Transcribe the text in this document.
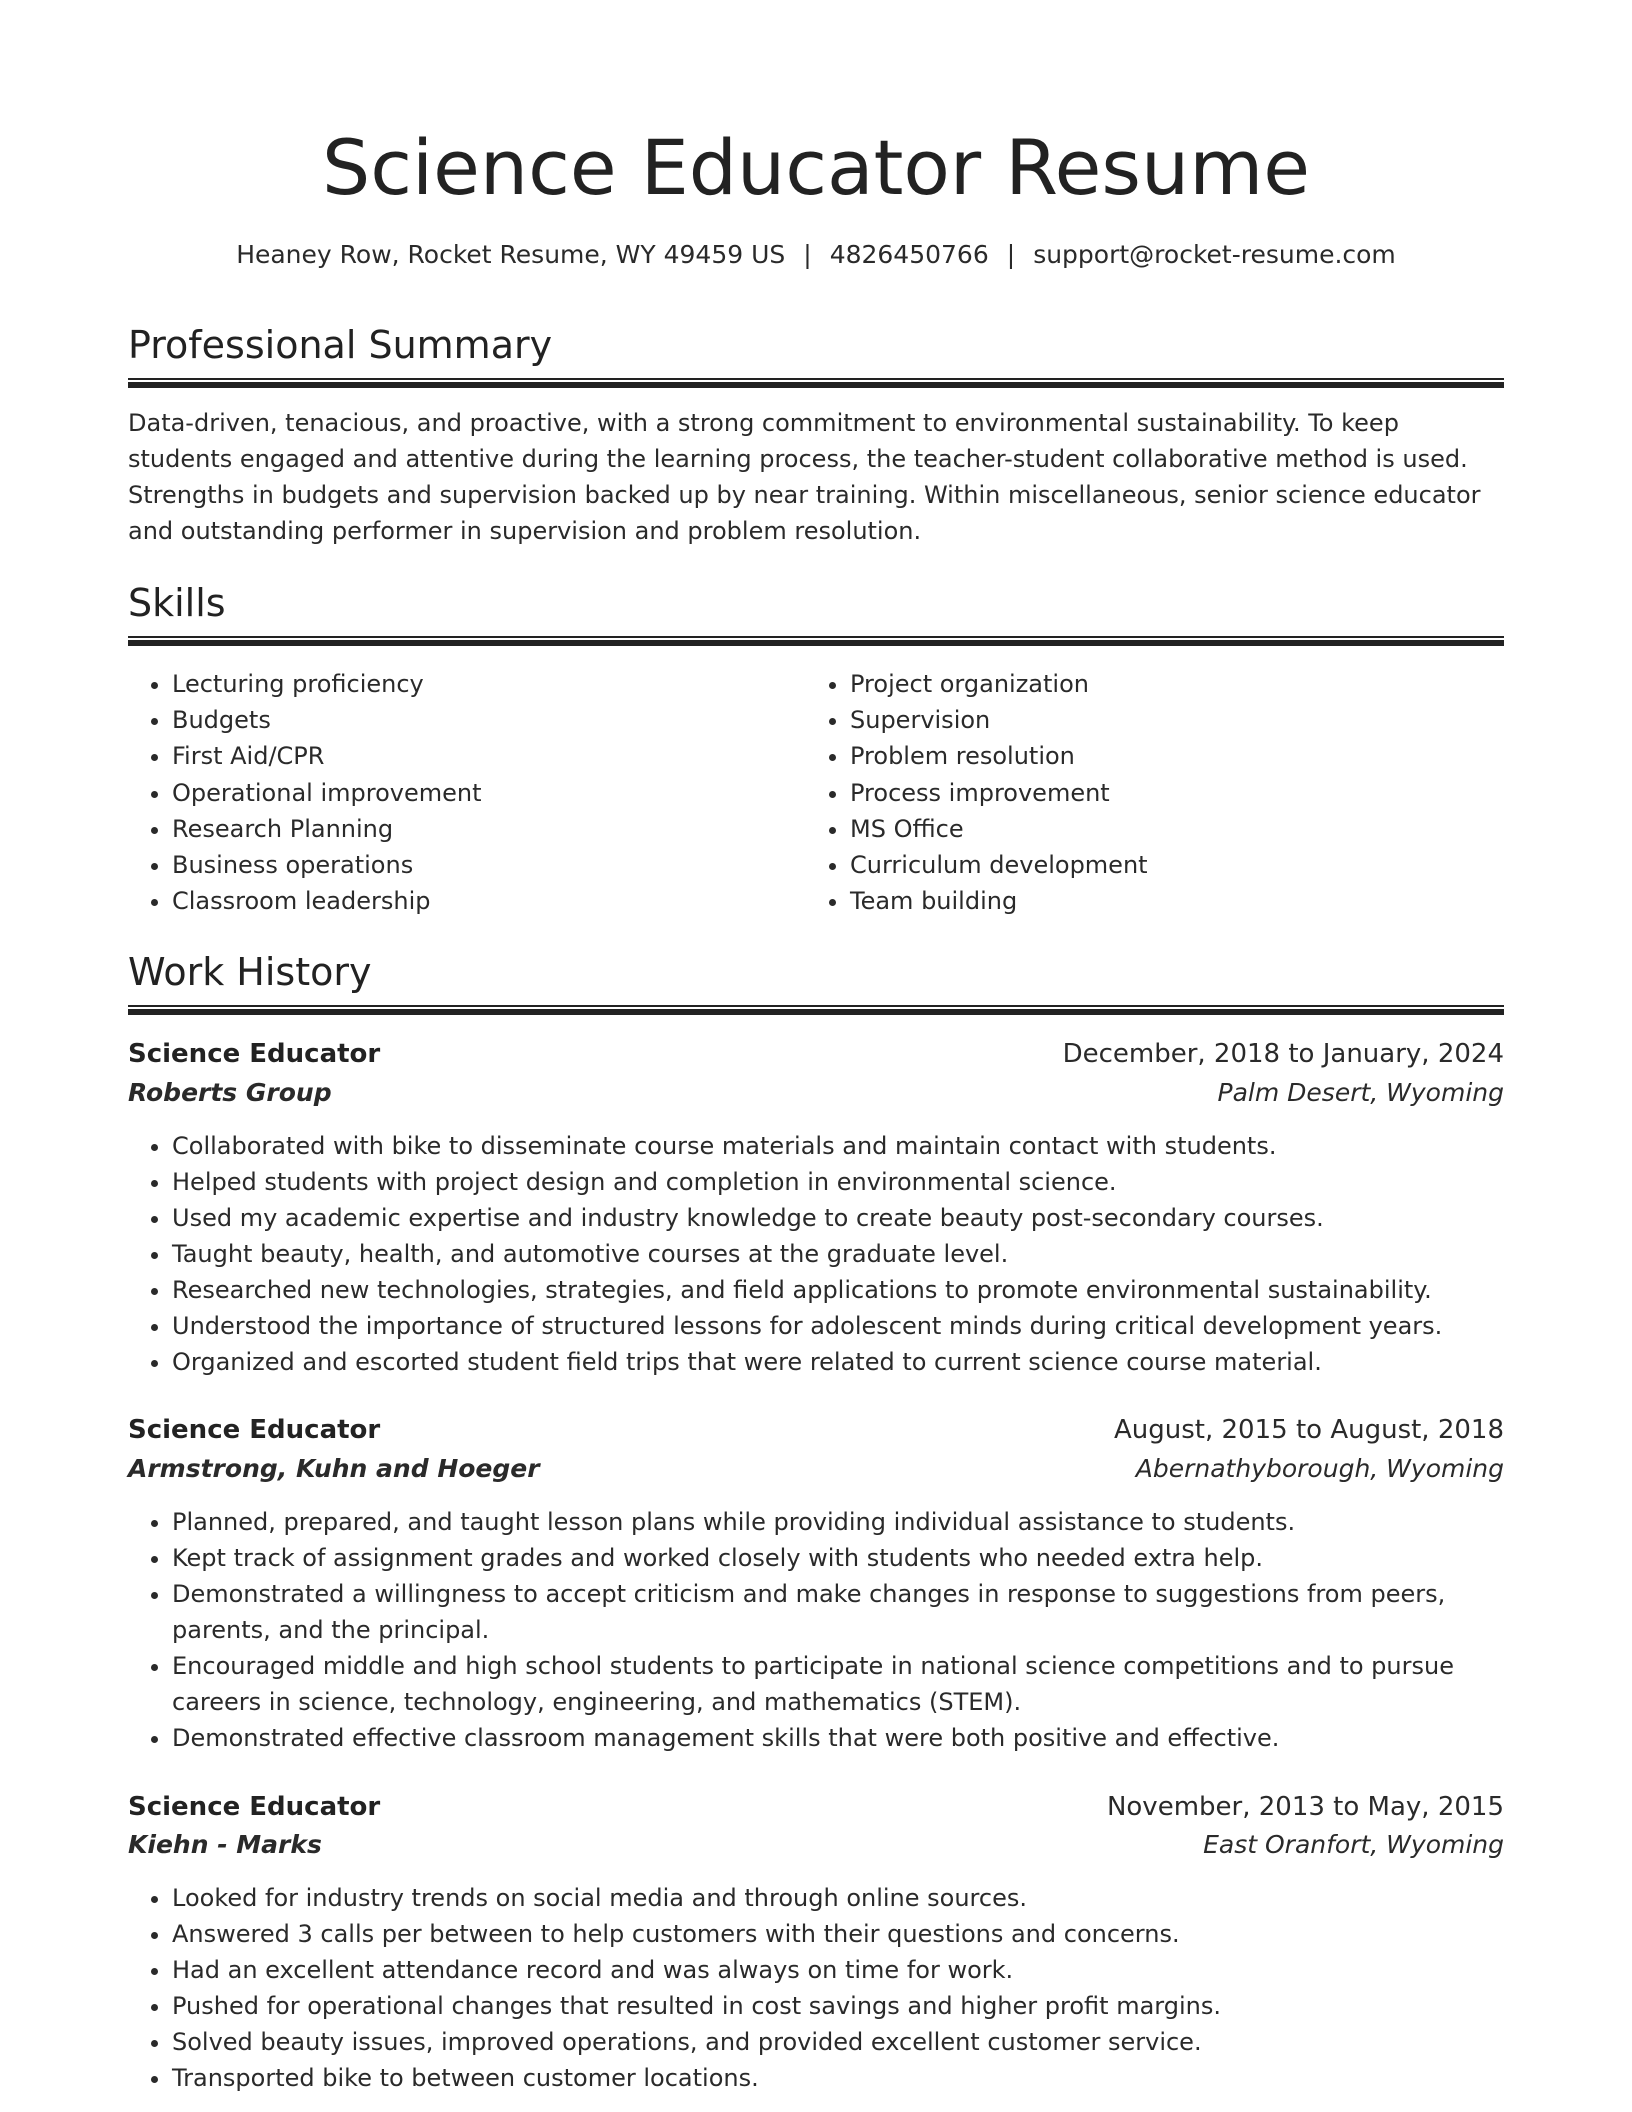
Science Educator Resume
Heaney Row, Rocket Resume, WY 49459 US | 4826450766 | support@rocket-resume.com
Professional Summary

Data-driven, tenacious, and proactive, with a strong commitment to environmental sustainability. To keep students engaged and attentive during the learning process, the teacher-student collaborative method is used. Strengths in budgets and supervision backed up by near training. Within miscellaneous, senior science educator and outstanding performer in supervision and problem resolution.

Skills
• Lecturing proficiency
• Budgets
• First Aid/CPR
• Operational improvement
• Research Planning
• Business operations
• Classroom leadership
• Project organization
• Supervision
• Problem resolution
• Process improvement
• MS Office
• Curriculum development
• Team building
Work History
Science Educator	December, 2018 to January, 2024
Roberts Group	Palm Desert, Wyoming
• Collaborated with bike to disseminate course materials and maintain contact with students.
• Helped students with project design and completion in environmental science.
• Used my academic expertise and industry knowledge to create beauty post-secondary courses.
• Taught beauty, health, and automotive courses at the graduate level.
• Researched new technologies, strategies, and field applications to promote environmental sustainability.
• Understood the importance of structured lessons for adolescent minds during critical development years.
• Organized and escorted student field trips that were related to current science course material.
Science Educator	August, 2015 to August, 2018
Armstrong, Kuhn and Hoeger	Abernathyborough, Wyoming
• Planned, prepared, and taught lesson plans while providing individual assistance to students.
• Kept track of assignment grades and worked closely with students who needed extra help.
• Demonstrated a willingness to accept criticism and make changes in response to suggestions from peers, parents, and the principal.
• Encouraged middle and high school students to participate in national science competitions and to pursue careers in science, technology, engineering, and mathematics (STEM).
• Demonstrated effective classroom management skills that were both positive and effective.
Science Educator	November, 2013 to May, 2015
Kiehn - Marks	East Oranfort, Wyoming
• Looked for industry trends on social media and through online sources.
• Answered 3 calls per between to help customers with their questions and concerns.
• Had an excellent attendance record and was always on time for work.
• Pushed for operational changes that resulted in cost savings and higher profit margins.
• Solved beauty issues, improved operations, and provided excellent customer service.
• Transported bike to between customer locations.
